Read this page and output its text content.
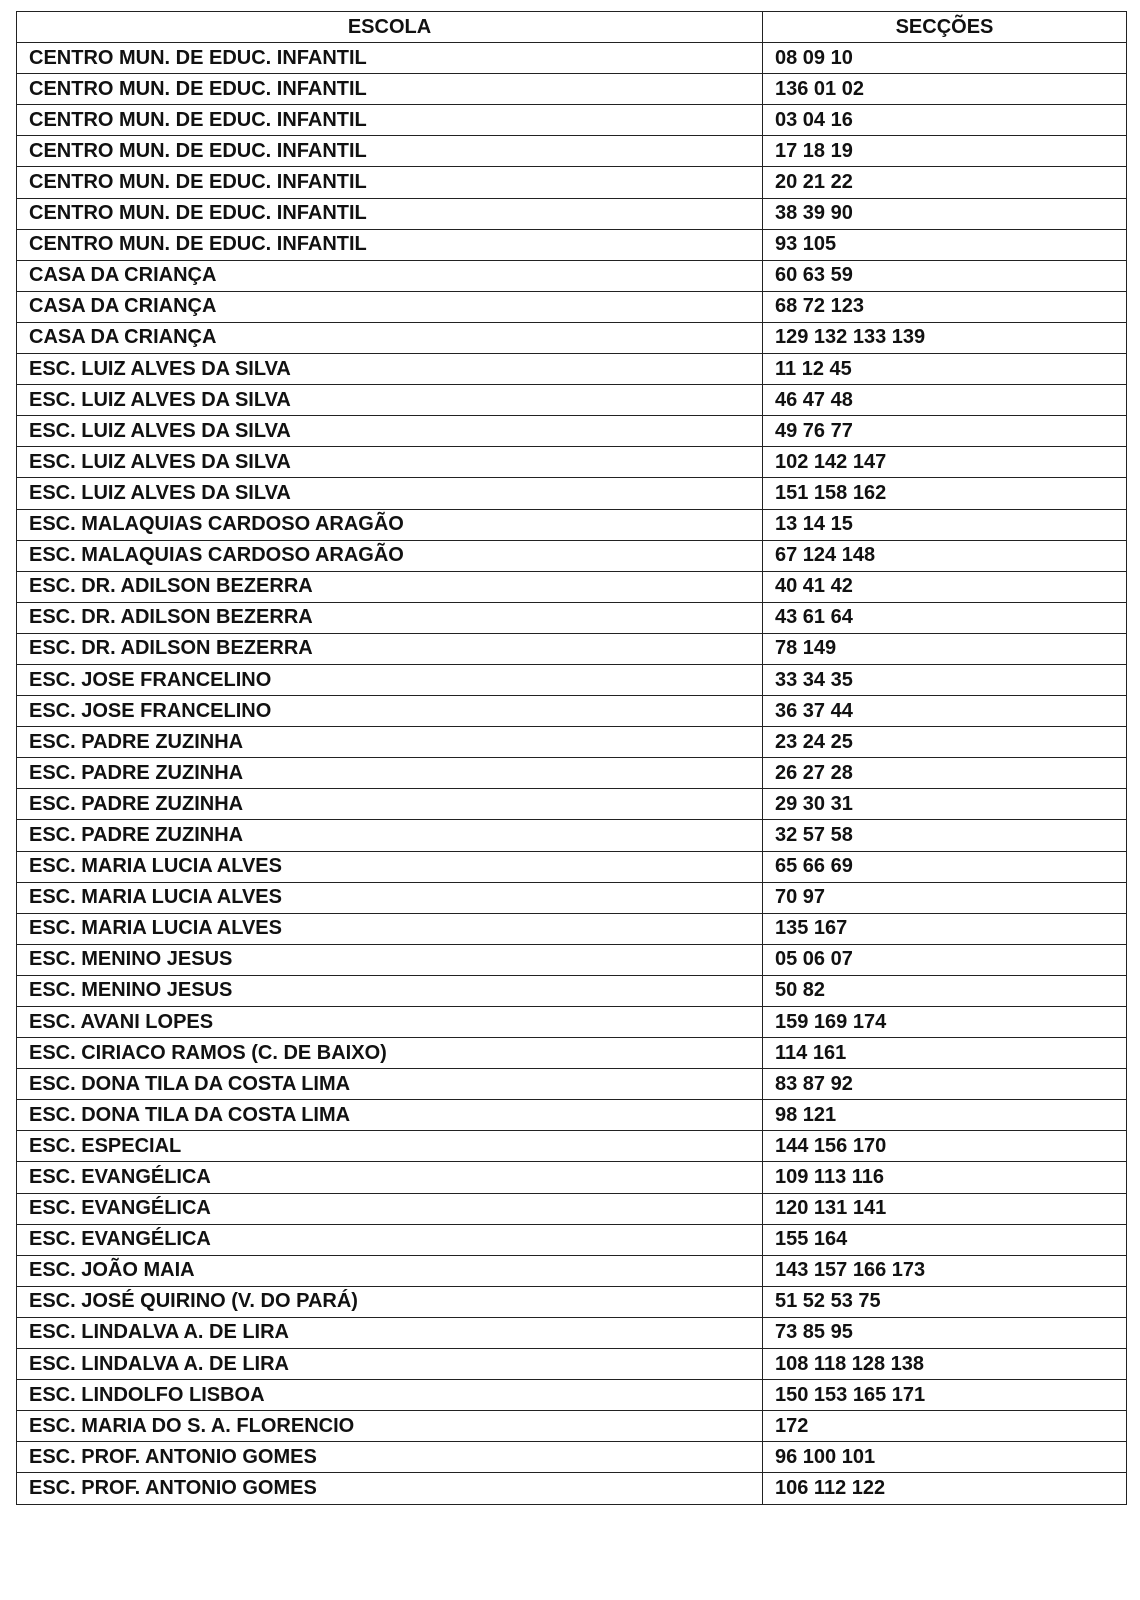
ESCOLA	SECÇÕES
CENTRO MUN. DE EDUC. INFANTIL	08 09 10
CENTRO MUN. DE EDUC. INFANTIL	136 01 02
CENTRO MUN. DE EDUC. INFANTIL	03 04 16
CENTRO MUN. DE EDUC. INFANTIL	17 18 19
CENTRO MUN. DE EDUC. INFANTIL	20 21 22
CENTRO MUN. DE EDUC. INFANTIL	38 39 90
CENTRO MUN. DE EDUC. INFANTIL	93 105
CASA DA CRIANÇA	60 63 59
CASA DA CRIANÇA	68 72 123
CASA DA CRIANÇA	129 132 133 139
ESC. LUIZ ALVES DA SILVA	11 12 45
ESC. LUIZ ALVES DA SILVA	46 47 48
ESC. LUIZ ALVES DA SILVA	49 76 77
ESC. LUIZ ALVES DA SILVA	102 142 147
ESC. LUIZ ALVES DA SILVA	151 158 162
ESC. MALAQUIAS CARDOSO ARAGÃO	13 14 15
ESC. MALAQUIAS CARDOSO ARAGÃO	67 124 148
ESC. DR. ADILSON BEZERRA	40 41 42
ESC. DR. ADILSON BEZERRA	43 61 64
ESC. DR. ADILSON BEZERRA	78 149
ESC. JOSE FRANCELINO	33 34 35
ESC. JOSE FRANCELINO	36 37 44
ESC. PADRE ZUZINHA	23 24 25
ESC. PADRE ZUZINHA	26 27 28
ESC. PADRE ZUZINHA	29 30 31
ESC. PADRE ZUZINHA	32 57 58
ESC. MARIA LUCIA ALVES	65 66 69
ESC. MARIA LUCIA ALVES	70 97
ESC. MARIA LUCIA ALVES	135 167
ESC. MENINO JESUS	05 06 07
ESC. MENINO JESUS	50 82
ESC. AVANI LOPES	159 169 174
ESC. CIRIACO RAMOS (C. DE BAIXO)	114 161
ESC. DONA TILA DA COSTA LIMA	83 87 92
ESC. DONA TILA DA COSTA LIMA	98 121
ESC. ESPECIAL	144 156 170
ESC. EVANGÉLICA	109 113 116
ESC. EVANGÉLICA	120 131 141
ESC. EVANGÉLICA	155 164
ESC. JOÃO MAIA	143 157 166 173
ESC. JOSÉ QUIRINO (V. DO PARÁ)	51 52 53 75
ESC. LINDALVA A. DE LIRA	73 85 95
ESC. LINDALVA A. DE LIRA	108 118 128 138
ESC. LINDOLFO LISBOA	150 153 165 171
ESC. MARIA DO S. A. FLORENCIO	172
ESC. PROF. ANTONIO GOMES	96 100 101
ESC. PROF. ANTONIO GOMES	106 112 122
